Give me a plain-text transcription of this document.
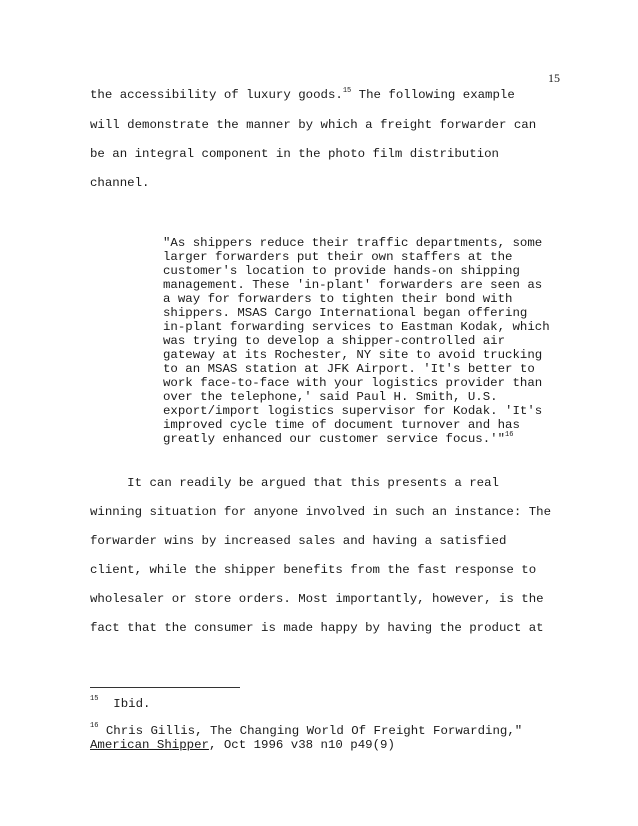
15
the accessibility of luxury goods.$^{15}$ The following example
will demonstrate the manner by which a freight forwarder can
be an integral component in the photo film distribution
channel.
"As shippers reduce their traffic departments, some
larger forwarders put their own staffers at the
customer's location to provide hands-on shipping
management. These 'in-plant' forwarders are seen as
a way for forwarders to tighten their bond with
shippers. MSAS Cargo International began offering
in-plant forwarding services to Eastman Kodak, which
was trying to develop a shipper-controlled air
gateway at its Rochester, NY site to avoid trucking
to an MSAS station at JFK Airport. 'It's better to
work face-to-face with your logistics provider than
over the telephone,' said Paul H. Smith, U.S.
export/import logistics supervisor for Kodak. 'It's
improved cycle time of document turnover and has
greatly enhanced our customer service focus.'"$^{16}$
It can readily be argued that this presents a real
winning situation for anyone involved in such an instance: The
forwarder wins by increased sales and having a satisfied
client, while the shipper benefits from the fast response to
wholesaler or store orders. Most importantly, however, is the
fact that the consumer is made happy by having the product at
$^{15}$  Ibid.
$^{16}$ Chris Gillis, The Changing World Of Freight Forwarding,"
American Shipper, Oct 1996 v38 n10 p49(9)
